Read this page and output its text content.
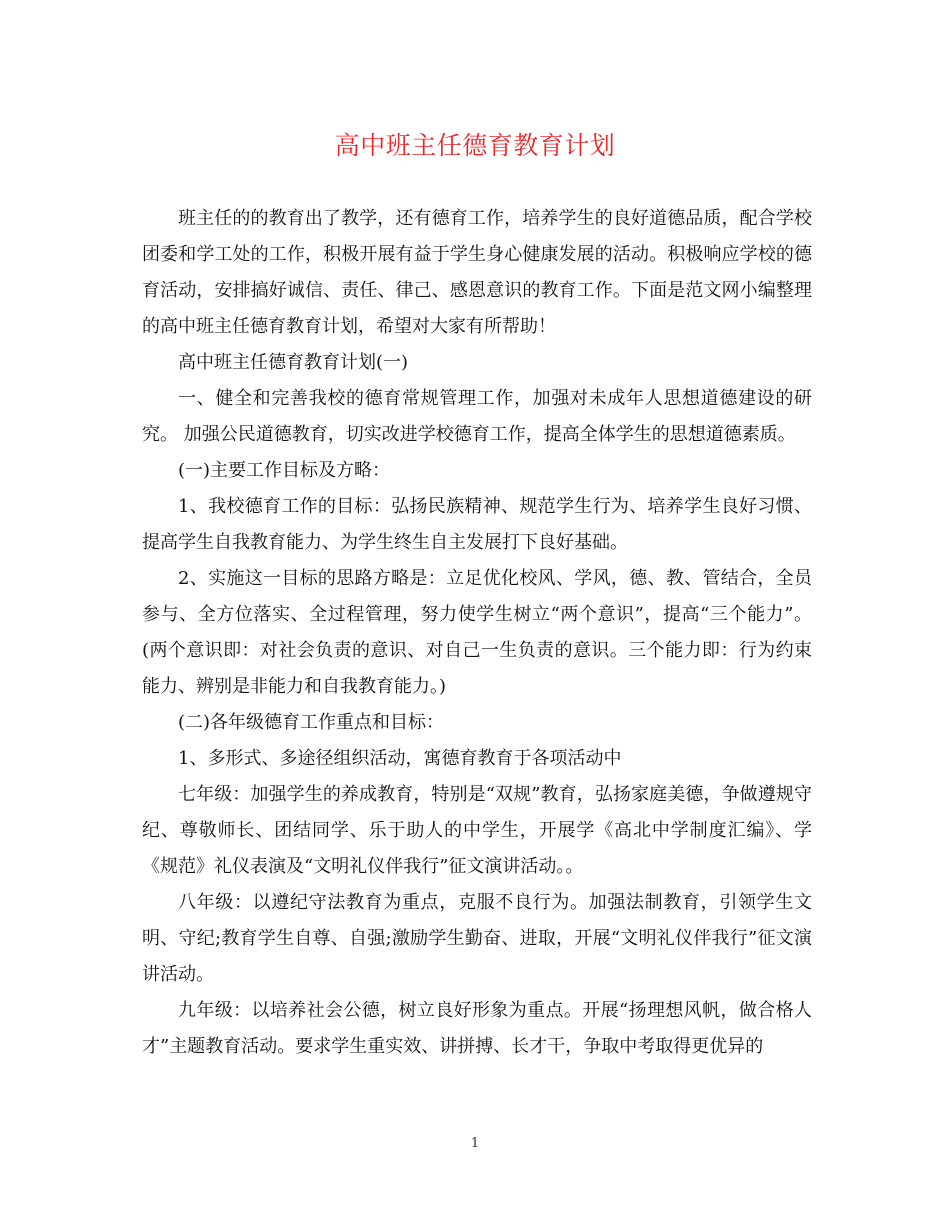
高中班主任德育教育计划

班主任的的教育出了教学，还有德育工作，培养学生的良好道德品质，配合学校团委和学工处的工作，积极开展有益于学生身心健康发展的活动。积极响应学校的德育活动，安排搞好诚信、责任、律己、感恩意识的教育工作。下面是范文网小编整理的高中班主任德育教育计划，希望对大家有所帮助！

高中班主任德育教育计划(一)

一、健全和完善我校的德育常规管理工作，加强对未成年人思想道德建设的研究。 加强公民道德教育，切实改进学校德育工作，提高全体学生的思想道德素质。

(一)主要工作目标及方略：

1、我校德育工作的目标：弘扬民族精神、规范学生行为、培养学生良好习惯、提高学生自我教育能力、为学生终生自主发展打下良好基础。

2、实施这一目标的思路方略是：立足优化校风、学风，德、教、管结合，全员参与、全方位落实、全过程管理，努力使学生树立“两个意识”，提高“三个能力”。(两个意识即：对社会负责的意识、对自己一生负责的意识。三个能力即：行为约束能力、辨别是非能力和自我教育能力。)

(二)各年级德育工作重点和目标：

1、多形式、多途径组织活动，寓德育教育于各项活动中

七年级：加强学生的养成教育，特别是“双规”教育，弘扬家庭美德，争做遵规守纪、尊敬师长、团结同学、乐于助人的中学生，开展学《高北中学制度汇编》、学《规范》礼仪表演及“文明礼仪伴我行”征文演讲活动。。

八年级：以遵纪守法教育为重点，克服不良行为。加强法制教育，引领学生文明、守纪;教育学生自尊、自强;激励学生勤奋、进取，开展“文明礼仪伴我行”征文演讲活动。

九年级：以培养社会公德，树立良好形象为重点。开展“扬理想风帆，做合格人才”主题教育活动。要求学生重实效、讲拼搏、长才干，争取中考取得更优异的

1
